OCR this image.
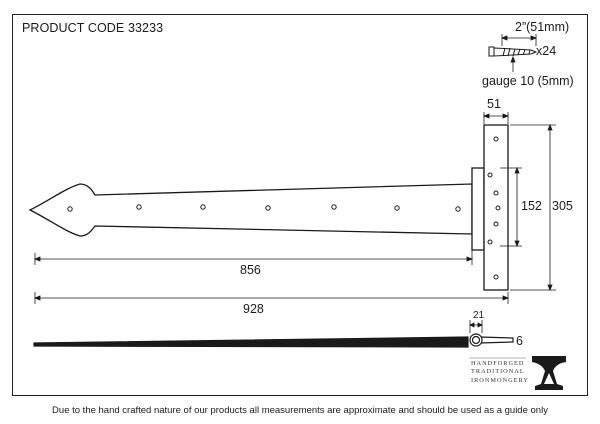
PRODUCT CODE 33233	2”(51mm)
x24
gauge 10 (5mm)
51
152 305
856
928	21
6
HANDFORGED
TRADITIONAL
IRONMONGERY
Due to the hand crafted nature of our products all measurements are approximate and should be used as a guide only
